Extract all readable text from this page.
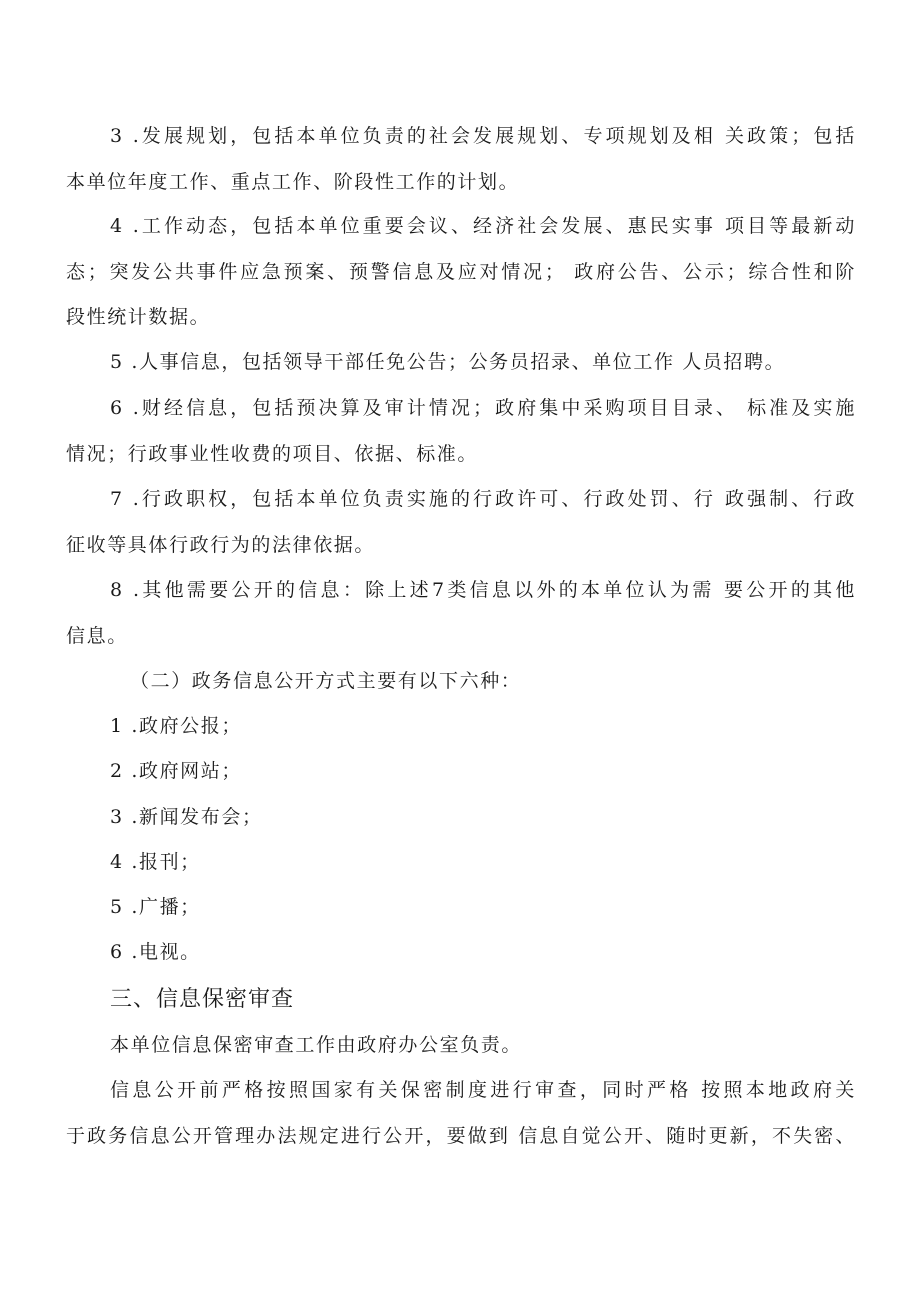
3 .发展规划，包括本单位负责的社会发展规划、专项规划及相 关政策；包括
本单位年度工作、重点工作、阶段性工作的计划。
4 .工作动态，包括本单位重要会议、经济社会发展、惠民实事 项目等最新动
态；突发公共事件应急预案、预警信息及应对情况； 政府公告、公示；综合性和阶
段性统计数据。
5 .人事信息，包括领导干部任免公告；公务员招录、单位工作 人员招聘。
6 .财经信息，包括预决算及审计情况；政府集中采购项目目录、 标准及实施
情况；行政事业性收费的项目、依据、标准。
7 .行政职权，包括本单位负责实施的行政许可、行政处罚、行 政强制、行政
征收等具体行政行为的法律依据。
8 .其他需要公开的信息：除上述7类信息以外的本单位认为需 要公开的其他
信息。
（二）政务信息公开方式主要有以下六种：
1 .政府公报；
2 .政府网站；
3 .新闻发布会；
4 .报刊；
5 .广播；
6 .电视。
三、信息保密审查
本单位信息保密审查工作由政府办公室负责。
信息公开前严格按照国家有关保密制度进行审查，同时严格 按照本地政府关
于政务信息公开管理办法规定进行公开，要做到 信息自觉公开、随时更新，不失密、
